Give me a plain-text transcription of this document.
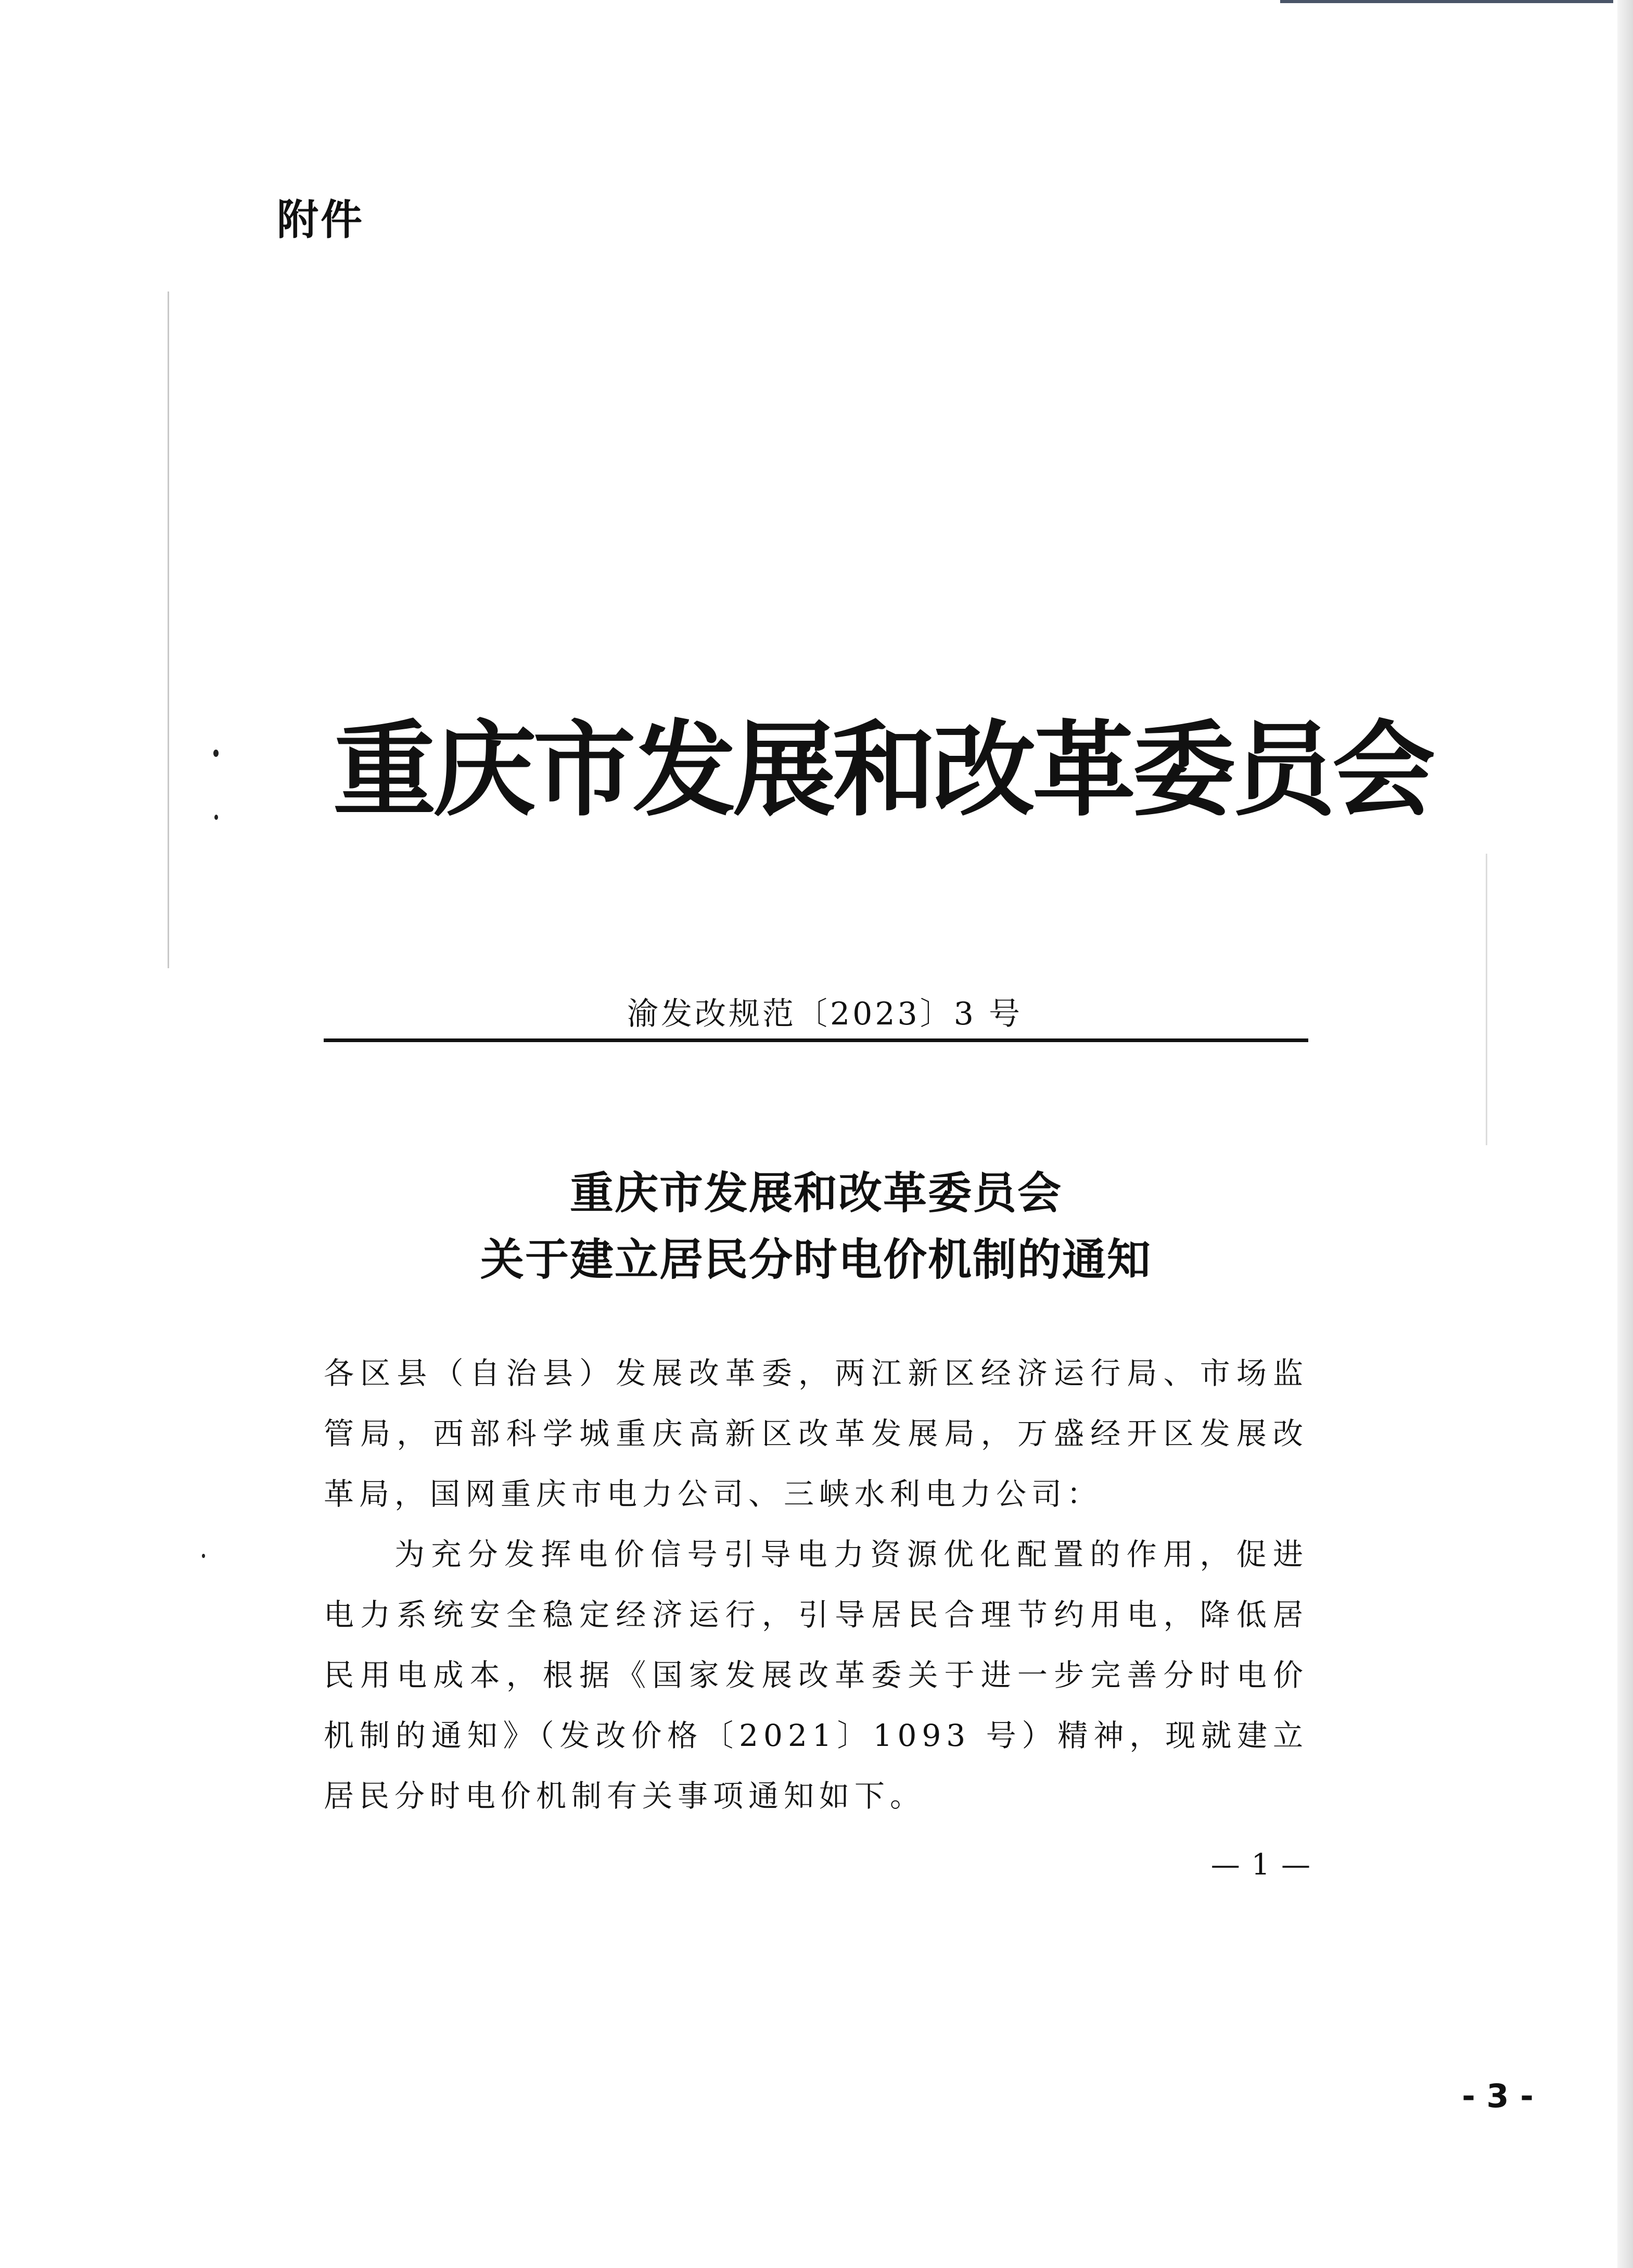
附件
重庆市发展和改革委员会
渝发改规范〔2023〕3 号
重庆市发展和改革委员会
关于建立居民分时电价机制的通知

各区县（自治县）发展改革委，两江新区经济运行局、市场监管局，西部科学城重庆高新区改革发展局，万盛经开区发展改革局，国网重庆市电力公司、三峡水利电力公司：

为充分发挥电价信号引导电力资源优化配置的作用，促进电力系统安全稳定经济运行，引导居民合理节约用电，降低居民用电成本，根据《国家发展改革委关于进一步完善分时电价机制的通知》（发改价格〔2021〕1093 号）精神，现就建立居民分时电价机制有关事项通知如下。

— 1 —
- 3 -
